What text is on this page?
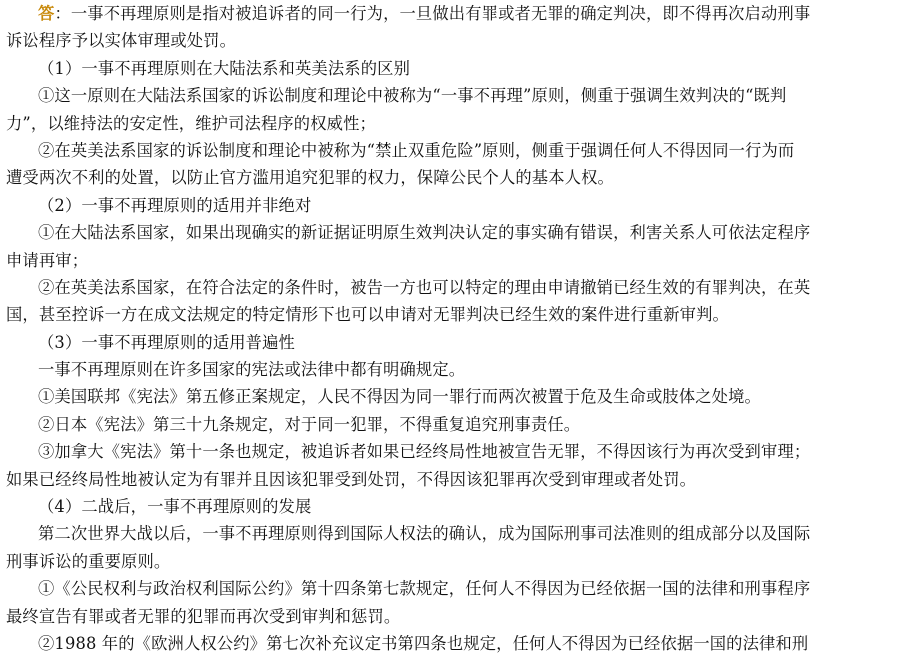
答：一事不再理原则是指对被追诉者的同一行为，一旦做出有罪或者无罪的确定判决，即不得再次启动刑事
诉讼程序予以实体审理或处罚。
（1）一事不再理原则在大陆法系和英美法系的区别
①这一原则在大陆法系国家的诉讼制度和理论中被称为“一事不再理”原则，侧重于强调生效判决的“既判
力”，以维持法的安定性，维护司法程序的权威性；
②在英美法系国家的诉讼制度和理论中被称为“禁止双重危险”原则，侧重于强调任何人不得因同一行为而
遭受两次不利的处置，以防止官方滥用追究犯罪的权力，保障公民个人的基本人权。
（2）一事不再理原则的适用并非绝对
①在大陆法系国家，如果出现确实的新证据证明原生效判决认定的事实确有错误，利害关系人可依法定程序
申请再审；
②在英美法系国家，在符合法定的条件时，被告一方也可以特定的理由申请撤销已经生效的有罪判决，在英
国，甚至控诉一方在成文法规定的特定情形下也可以申请对无罪判决已经生效的案件进行重新审判。
（3）一事不再理原则的适用普遍性
一事不再理原则在许多国家的宪法或法律中都有明确规定。
①美国联邦《宪法》第五修正案规定，人民不得因为同一罪行而两次被置于危及生命或肢体之处境。
②日本《宪法》第三十九条规定，对于同一犯罪，不得重复追究刑事责任。
③加拿大《宪法》第十一条也规定，被追诉者如果已经终局性地被宣告无罪，不得因该行为再次受到审理；
如果已经终局性地被认定为有罪并且因该犯罪受到处罚，不得因该犯罪再次受到审理或者处罚。
（4）二战后，一事不再理原则的发展
第二次世界大战以后，一事不再理原则得到国际人权法的确认，成为国际刑事司法准则的组成部分以及国际
刑事诉讼的重要原则。
①《公民权利与政治权利国际公约》第十四条第七款规定，任何人不得因为已经依据一国的法律和刑事程序
最终宣告有罪或者无罪的犯罪而再次受到审判和惩罚。
②1988 年的《欧洲人权公约》第七次补充议定书第四条也规定，任何人不得因为已经依据一国的法律和刑
